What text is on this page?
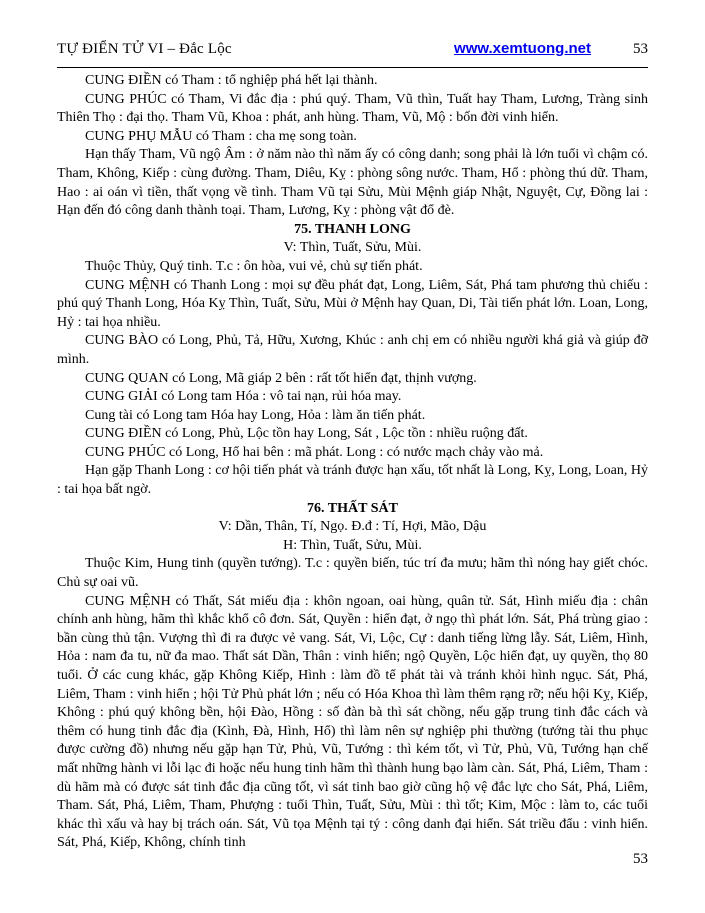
TỰ ĐIỂN TỬ VI – Đắc Lộc	www.xemtuong.net	53
CUNG ĐIỀN có Tham : tổ nghiệp phá hết lại thành.
CUNG PHÚC có Tham, Vi đắc địa : phú quý. Tham, Vũ thìn, Tuất hay Tham, Lương, Tràng sinh Thiên Thọ : đại thọ. Tham Vũ, Khoa : phát, anh hùng. Tham, Vũ, Mộ : bốn đời vinh hiển.
CUNG PHỤ MẪU có Tham : cha mẹ song toàn.
Hạn thấy Tham, Vũ ngộ Âm : ở năm nào thì năm ấy có công danh; song phải là lớn tuổi vì chậm có. Tham, Không, Kiếp : cùng đường. Tham, Diêu, Kỵ : phòng sông nước. Tham, Hổ : phòng thú dữ. Tham, Hao : ai oán vì tiền, thất vọng về tình. Tham Vũ tại Sửu, Mùi Mệnh giáp Nhật, Nguyệt, Cự, Đồng lai : Hạn đến đó công danh thành toại. Tham, Lương, Kỵ : phòng vật đổ đè.
75. THANH LONG
V: Thìn, Tuất, Sửu, Mùi.
Thuộc Thủy, Quý tinh. T.c : ôn hòa, vui vẻ, chủ sự tiến phát.
CUNG MỆNH có Thanh Long : mọi sự đều phát đạt, Long, Liêm, Sát, Phá tam phương thủ chiếu : phú quý Thanh Long, Hóa Kỵ Thìn, Tuất, Sửu, Mùi ở Mệnh hay Quan, Di, Tài tiến phát lớn. Loan, Long, Hỷ : tai họa nhiều.
CUNG BÀO có Long, Phủ, Tả, Hữu, Xương, Khúc : anh chị em có nhiều người khá giả và giúp đỡ mình.
CUNG QUAN có Long, Mã giáp 2 bên : rất tốt hiển đạt, thịnh vượng.
CUNG GIẢI có Long tam Hóa : vô tai nạn, rủi hóa may.
Cung tài có Long tam Hóa hay Long, Hỏa : làm ăn tiến phát.
CUNG ĐIỀN có Long, Phủ, Lộc tồn hay Long, Sát , Lộc tồn : nhiều ruộng đất.
CUNG PHÚC có Long, Hổ hai bên : mã phát. Long : có nước mạch chảy vào mả.
Hạn gặp Thanh Long : cơ hội tiến phát và tránh được hạn xấu, tốt nhất là Long, Kỵ, Long, Loan, Hỷ : tai họa bất ngờ.
76. THẤT SÁT
V: Dần, Thân, Tí, Ngọ. Đ.đ : Tí, Hợi, Mão, Dậu
H: Thìn, Tuất, Sửu, Mùi.
Thuộc Kim, Hung tinh (quyền tướng). T.c : quyền biến, túc trí đa mưu; hãm thì nóng hay giết chóc. Chủ sự oai vũ.
CUNG MỆNH có Thất, Sát miếu địa : khôn ngoan, oai hùng, quân tử. Sát, Hình miếu địa : chân chính anh hùng, hãm thì khắc khổ cô đơn. Sát, Quyền : hiển đạt, ở ngọ thì phát lớn. Sát, Phá trùng giao : bần cùng thủ tận. Vượng thì đi ra được vẻ vang. Sát, Vi, Lộc, Cự : danh tiếng lừng lẫy. Sát, Liêm, Hình, Hỏa : nam đa tu, nữ đa mao. Thất sát Dần, Thân : vinh hiển; ngộ Quyền, Lộc hiển đạt, uy quyền, thọ 80 tuổi. Ở các cung khác, gặp Không Kiếp, Hình : làm đồ tể phát tài và tránh khỏi hình ngục. Sát, Phá, Liêm, Tham : vinh hiển ; hội Tử Phủ phát lớn ; nếu có Hóa Khoa thì làm thêm rạng rỡ; nếu hội Kỵ, Kiếp, Không : phú quý không bền, hội Đào, Hồng : số đàn bà thì sát chồng, nếu gặp trung tinh đắc cách và thêm có hung tinh đắc địa (Kình, Đà, Hình, Hổ) thì làm nên sự nghiệp phi thường (tướng tài thu phục được cường đồ) nhưng nếu gặp hạn Tử, Phủ, Vũ, Tướng : thì kém tốt, vì Tử, Phủ, Vũ, Tướng hạn chế mất những hành vi lỗi lạc đi hoặc nếu hung tinh hãm thì thành hung bạo làm càn. Sát, Phá, Liêm, Tham : dù hãm mà có được sát tinh đắc địa cũng tốt, vì sát tinh bao giờ cũng hộ vệ đắc lực cho Sát, Phá, Liêm, Tham. Sát, Phá, Liêm, Tham, Phượng : tuổi Thìn, Tuất, Sửu, Mùi : thì tốt; Kim, Mộc : làm to, các tuổi khác thì xấu và hay bị trách oán. Sát, Vũ tọa Mệnh tại tý : công danh đại hiển. Sát triều đẩu : vinh hiển. Sát, Phá, Kiếp, Không, chính tinh
53
